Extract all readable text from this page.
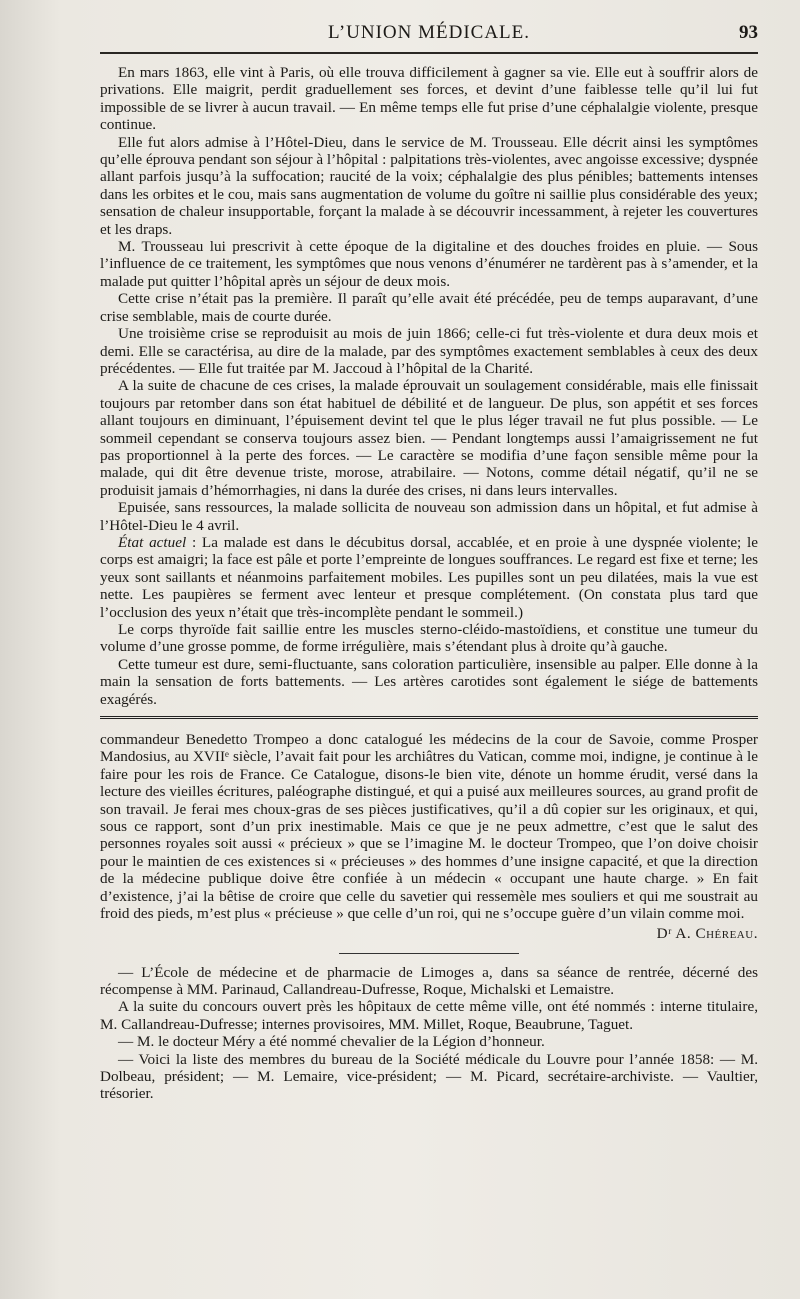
L’UNION MÉDICALE.	93

En mars 1863, elle vint à Paris, où elle trouva difficilement à gagner sa vie. Elle eut à souffrir alors de privations. Elle maigrit, perdit graduellement ses forces, et devint d’une faiblesse telle qu’il lui fut impossible de se livrer à aucun travail. — En même temps elle fut prise d’une céphalalgie violente, presque continue.

Elle fut alors admise à l’Hôtel-Dieu, dans le service de M. Trousseau. Elle décrit ainsi les symptômes qu’elle éprouva pendant son séjour à l’hôpital : palpitations très-violentes, avec angoisse excessive; dyspnée allant parfois jusqu’à la suffocation; raucité de la voix; céphalalgie des plus pénibles; battements intenses dans les orbites et le cou, mais sans augmentation de volume du goître ni saillie plus considérable des yeux; sensation de chaleur insupportable, forçant la malade à se découvrir incessamment, à rejeter les couvertures et les draps.

M. Trousseau lui prescrivit à cette époque de la digitaline et des douches froides en pluie. — Sous l’influence de ce traitement, les symptômes que nous venons d’énumérer ne tardèrent pas à s’amender, et la malade put quitter l’hôpital après un séjour de deux mois.

Cette crise n’était pas la première. Il paraît qu’elle avait été précédée, peu de temps auparavant, d’une crise semblable, mais de courte durée.

Une troisième crise se reproduisit au mois de juin 1866; celle-ci fut très-violente et dura deux mois et demi. Elle se caractérisa, au dire de la malade, par des symptômes exactement semblables à ceux des deux précédentes. — Elle fut traitée par M. Jaccoud à l’hôpital de la Charité.

A la suite de chacune de ces crises, la malade éprouvait un soulagement considérable, mais elle finissait toujours par retomber dans son état habituel de débilité et de langueur. De plus, son appétit et ses forces allant toujours en diminuant, l’épuisement devint tel que le plus léger travail ne fut plus possible. — Le sommeil cependant se conserva toujours assez bien. — Pendant longtemps aussi l’amaigrissement ne fut pas proportionnel à la perte des forces. — Le caractère se modifia d’une façon sensible même pour la malade, qui dit être devenue triste, morose, atrabilaire. — Notons, comme détail négatif, qu’il ne se produisit jamais d’hémorrhagies, ni dans la durée des crises, ni dans leurs intervalles.

Epuisée, sans ressources, la malade sollicita de nouveau son admission dans un hôpital, et fut admise à l’Hôtel-Dieu le 4 avril.

État actuel : La malade est dans le décubitus dorsal, accablée, et en proie à une dyspnée violente; le corps est amaigri; la face est pâle et porte l’empreinte de longues souffrances. Le regard est fixe et terne; les yeux sont saillants et néanmoins parfaitement mobiles. Les pupilles sont un peu dilatées, mais la vue est nette. Les paupières se ferment avec lenteur et presque complétement. (On constata plus tard que l’occlusion des yeux n’était que très-incomplète pendant le sommeil.)

Le corps thyroïde fait saillie entre les muscles sterno-cléido-mastoïdiens, et constitue une tumeur du volume d’une grosse pomme, de forme irrégulière, mais s’étendant plus à droite qu’à gauche.

Cette tumeur est dure, semi-fluctuante, sans coloration particulière, insensible au palper. Elle donne à la main la sensation de forts battements. — Les artères carotides sont également le siége de battements exagérés.

commandeur Benedetto Trompeo a donc catalogué les médecins de la cour de Savoie, comme Prosper Mandosius, au XVIIᵉ siècle, l’avait fait pour les archiâtres du Vatican, comme moi, indigne, je continue à le faire pour les rois de France. Ce Catalogue, disons-le bien vite, dénote un homme érudit, versé dans la lecture des vieilles écritures, paléographe distingué, et qui a puisé aux meilleures sources, au grand profit de son travail. Je ferai mes choux-gras de ses pièces justificatives, qu’il a dû copier sur les originaux, et qui, sous ce rapport, sont d’un prix inestimable. Mais ce que je ne peux admettre, c’est que le salut des personnes royales soit aussi « précieux » que se l’imagine M. le docteur Trompeo, que l’on doive choisir pour le maintien de ces existences si « précieuses » des hommes d’une insigne capacité, et que la direction de la médecine publique doive être confiée à un médecin « occupant une haute charge. » En fait d’existence, j’ai la bêtise de croire que celle du savetier qui ressemèle mes souliers et qui me soustrait au froid des pieds, m’est plus « précieuse » que celle d’un roi, qui ne s’occupe guère d’un vilain comme moi.

Dʳ A. Chéreau.

— L’École de médecine et de pharmacie de Limoges a, dans sa séance de rentrée, décerné des récompense à MM. Parinaud, Callandreau-Dufresse, Roque, Michalski et Lemaistre.

A la suite du concours ouvert près les hôpitaux de cette même ville, ont été nommés : interne titulaire, M. Callandreau-Dufresse; internes provisoires, MM. Millet, Roque, Beaubrune, Taguet.

— M. le docteur Méry a été nommé chevalier de la Légion d’honneur.

— Voici la liste des membres du bureau de la Société médicale du Louvre pour l’année 1858: — M. Dolbeau, président; — M. Lemaire, vice-président; — M. Picard, secrétaire-archiviste. — Vaultier, trésorier.
